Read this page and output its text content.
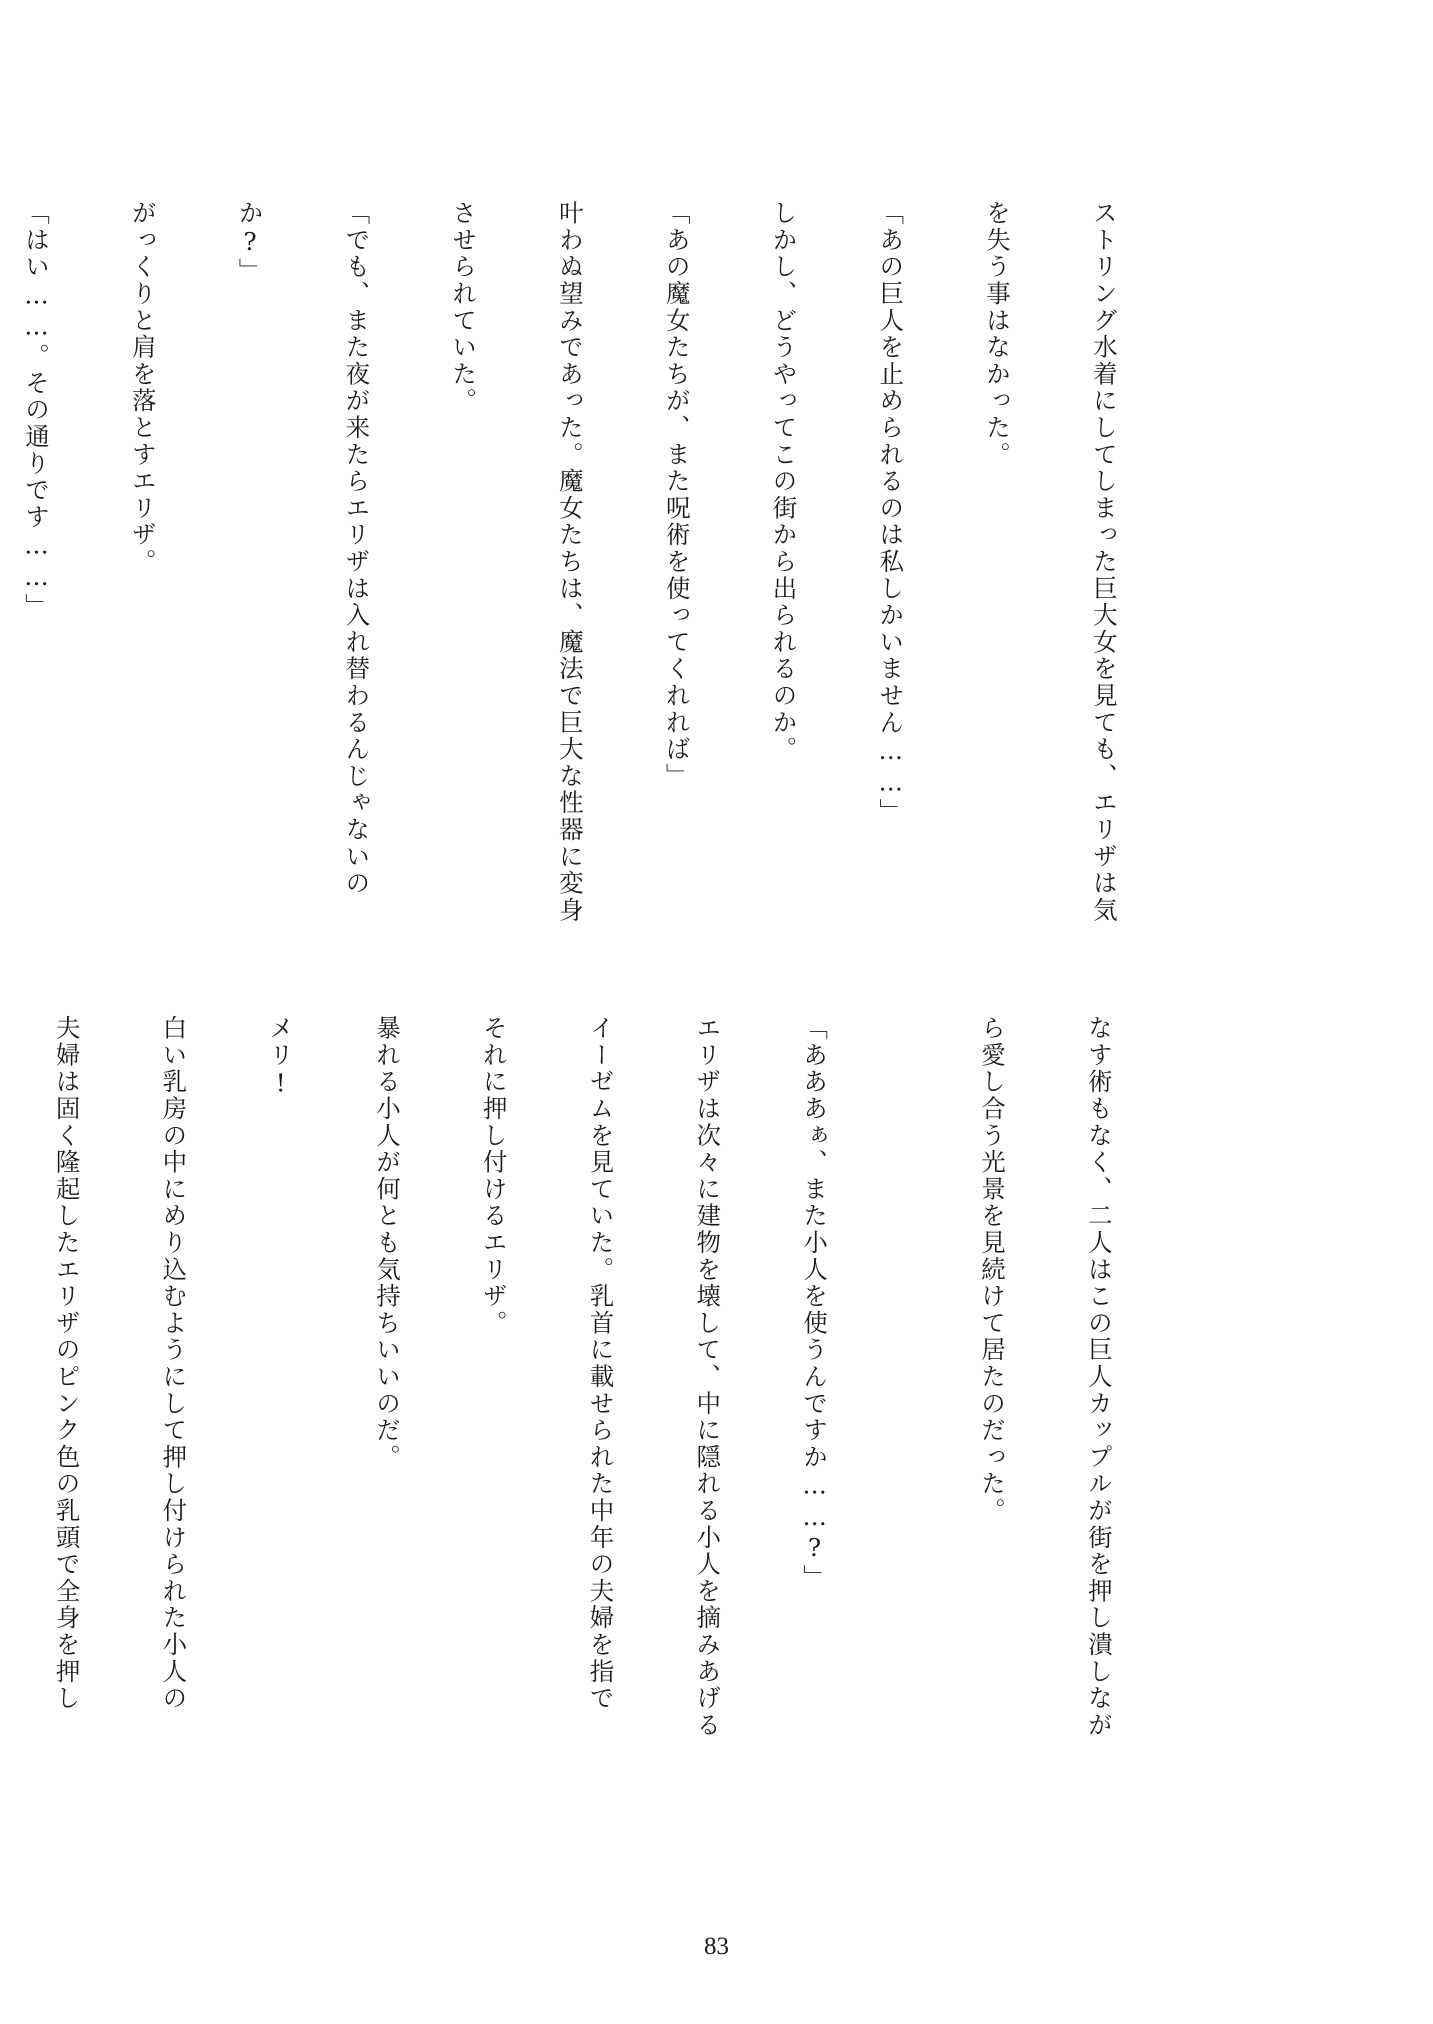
ストリング水着にしてしまった巨大女を見ても、エリザは気

を失う事はなかった。

「あの巨人を止められるのは私しかいません……」

しかし、どうやってこの街から出られるのか。

「あの魔女たちが、また呪術を使ってくれれば」

叶わぬ望みであった。魔女たちは、魔法で巨大な性器に変身

させられていた。

「でも、また夜が来たらエリザは入れ替わるんじゃないの

か?」

がっくりと肩を落とすエリザ。

「はい……。その通りです……」

なす術もなく、二人はこの巨人カップルが街を押し潰しなが

ら愛し合う光景を見続けて居たのだった。

「あああぁ、また小人を使うんですか……?」

エリザは次々に建物を壊して、中に隠れる小人を摘みあげる

イーゼムを見ていた。乳首に載せられた中年の夫婦を指で

それに押し付けるエリザ。

暴れる小人が何とも気持ちいいのだ。

メリ!

白い乳房の中にめり込むようにして押し付けられた小人の

夫婦は固く隆起したエリザのピンク色の乳頭で全身を押し

83
